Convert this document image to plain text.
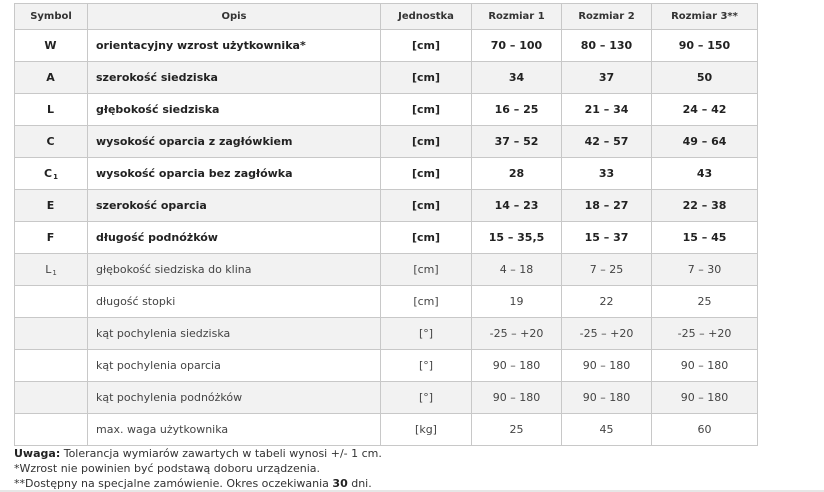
Symbol	Opis	Jednostka	Rozmiar 1	Rozmiar 2	Rozmiar 3**
W	orientacyjny wzrost użytkownika*	[cm]	70 – 100	80 – 130	90 – 150
A	szerokość siedziska	[cm]	34	37	50
L	głębokość siedziska	[cm]	16 – 25	21 – 34	24 – 42
C	wysokość oparcia z zagłówkiem	[cm]	37 – 52	42 – 57	49 – 64
$C_1$	wysokość oparcia bez zagłówka	[cm]	28	33	43
E	szerokość oparcia	[cm]	14 – 23	18 – 27	22 – 38
F	długość podnóżków	[cm]	15 – 35,5	15 – 37	15 – 45
$L_1$	głębokość siedziska do klina	[cm]	4 – 18	7 – 25	7 – 30
	długość stopki	[cm]	19	22	25
	kąt pochylenia siedziska	[°]	-25 – +20	-25 – +20	-25 – +20
	kąt pochylenia oparcia	[°]	90 – 180	90 – 180	90 – 180
	kąt pochylenia podnóżków	[°]	90 – 180	90 – 180	90 – 180
	max. waga użytkownika	[kg]	25	45	60
Uwaga: Tolerancja wymiarów zawartych w tabeli wynosi +/- 1 cm.
*Wzrost nie powinien być podstawą doboru urządzenia.
**Dostępny na specjalne zamówienie. Okres oczekiwania 30 dni.
